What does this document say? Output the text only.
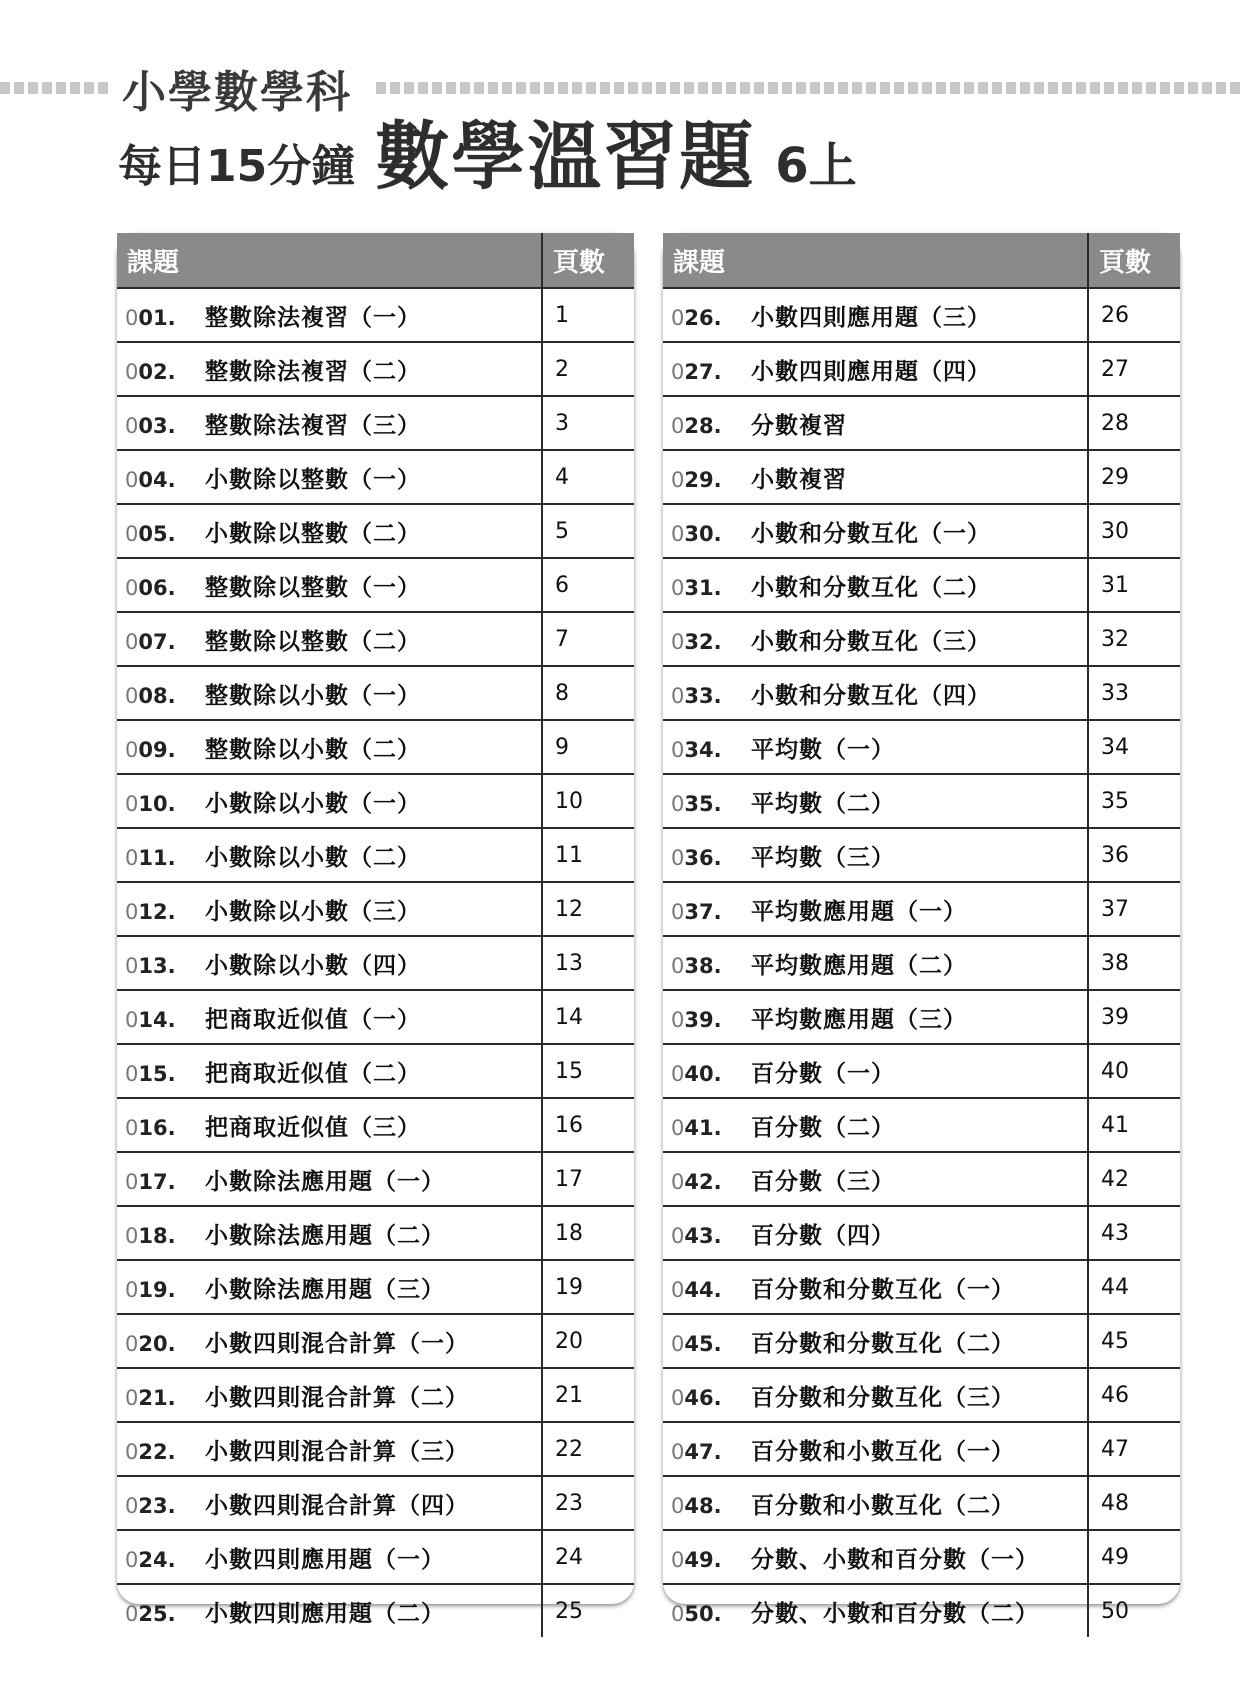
小學數學科
每日15分鐘 數學溫習題 6上
課題	頁數
001. 整數除法複習（一）	1
002. 整數除法複習（二）	2
003. 整數除法複習（三）	3
004. 小數除以整數（一）	4
005. 小數除以整數（二）	5
006. 整數除以整數（一）	6
007. 整數除以整數（二）	7
008. 整數除以小數（一）	8
009. 整數除以小數（二）	9
010. 小數除以小數（一）	10
011. 小數除以小數（二）	11
012. 小數除以小數（三）	12
013. 小數除以小數（四）	13
014. 把商取近似值（一）	14
015. 把商取近似值（二）	15
016. 把商取近似值（三）	16
017. 小數除法應用題（一）	17
018. 小數除法應用題（二）	18
019. 小數除法應用題（三）	19
020. 小數四則混合計算（一）	20
021. 小數四則混合計算（二）	21
022. 小數四則混合計算（三）	22
023. 小數四則混合計算（四）	23
024. 小數四則應用題（一）	24
025. 小數四則應用題（二）	25
課題	頁數
026. 小數四則應用題（三）	26
027. 小數四則應用題（四）	27
028. 分數複習	28
029. 小數複習	29
030. 小數和分數互化（一）	30
031. 小數和分數互化（二）	31
032. 小數和分數互化（三）	32
033. 小數和分數互化（四）	33
034. 平均數（一）	34
035. 平均數（二）	35
036. 平均數（三）	36
037. 平均數應用題（一）	37
038. 平均數應用題（二）	38
039. 平均數應用題（三）	39
040. 百分數（一）	40
041. 百分數（二）	41
042. 百分數（三）	42
043. 百分數（四）	43
044. 百分數和分數互化（一）	44
045. 百分數和分數互化（二）	45
046. 百分數和分數互化（三）	46
047. 百分數和小數互化（一）	47
048. 百分數和小數互化（二）	48
049. 分數、小數和百分數（一）	49
050. 分數、小數和百分數（二）	50
